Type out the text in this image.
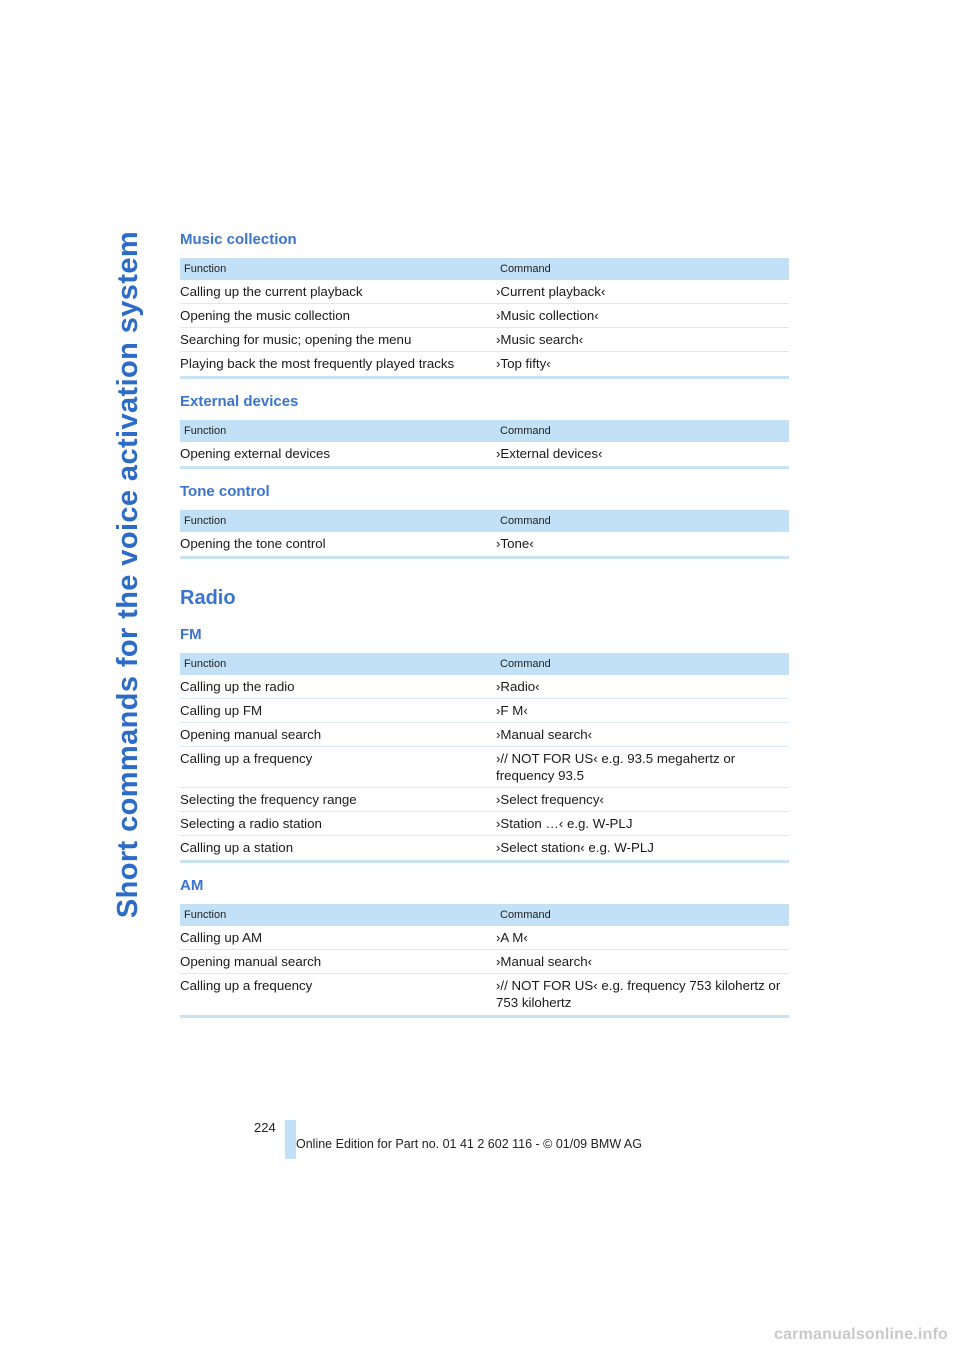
Short commands for the voice activation system Music collection
Function	Command
Calling up the current playback	›Current playback‹
Opening the music collection	›Music collection‹
Searching for music; opening the menu	›Music search‹
Playing back the most frequently played tracks	›Top fifty‹
External devices
Function	Command
Opening external devices	›External devices‹
Tone control
Function	Command
Opening the tone control	›Tone‹
Radio
FM
Function	Command
Calling up the radio	›Radio‹
Calling up FM	›F M‹
Opening manual search	›Manual search‹
Calling up a frequency	›// NOT FOR US‹ e.g. 93.5 megahertz or frequency 93.5
Selecting the frequency range	›Select frequency‹
Selecting a radio station	›Station …‹ e.g. W-PLJ
Calling up a station	›Select station‹ e.g. W-PLJ
AM
Function	Command
Calling up AM	›A M‹
Opening manual search	›Manual search‹
Calling up a frequency	›// NOT FOR US‹ e.g. frequency 753 kilohertz or 753 kilohertz
224
Online Edition for Part no. 01 41 2 602 116 - © 01/09 BMW AG
carmanualsonline.info
